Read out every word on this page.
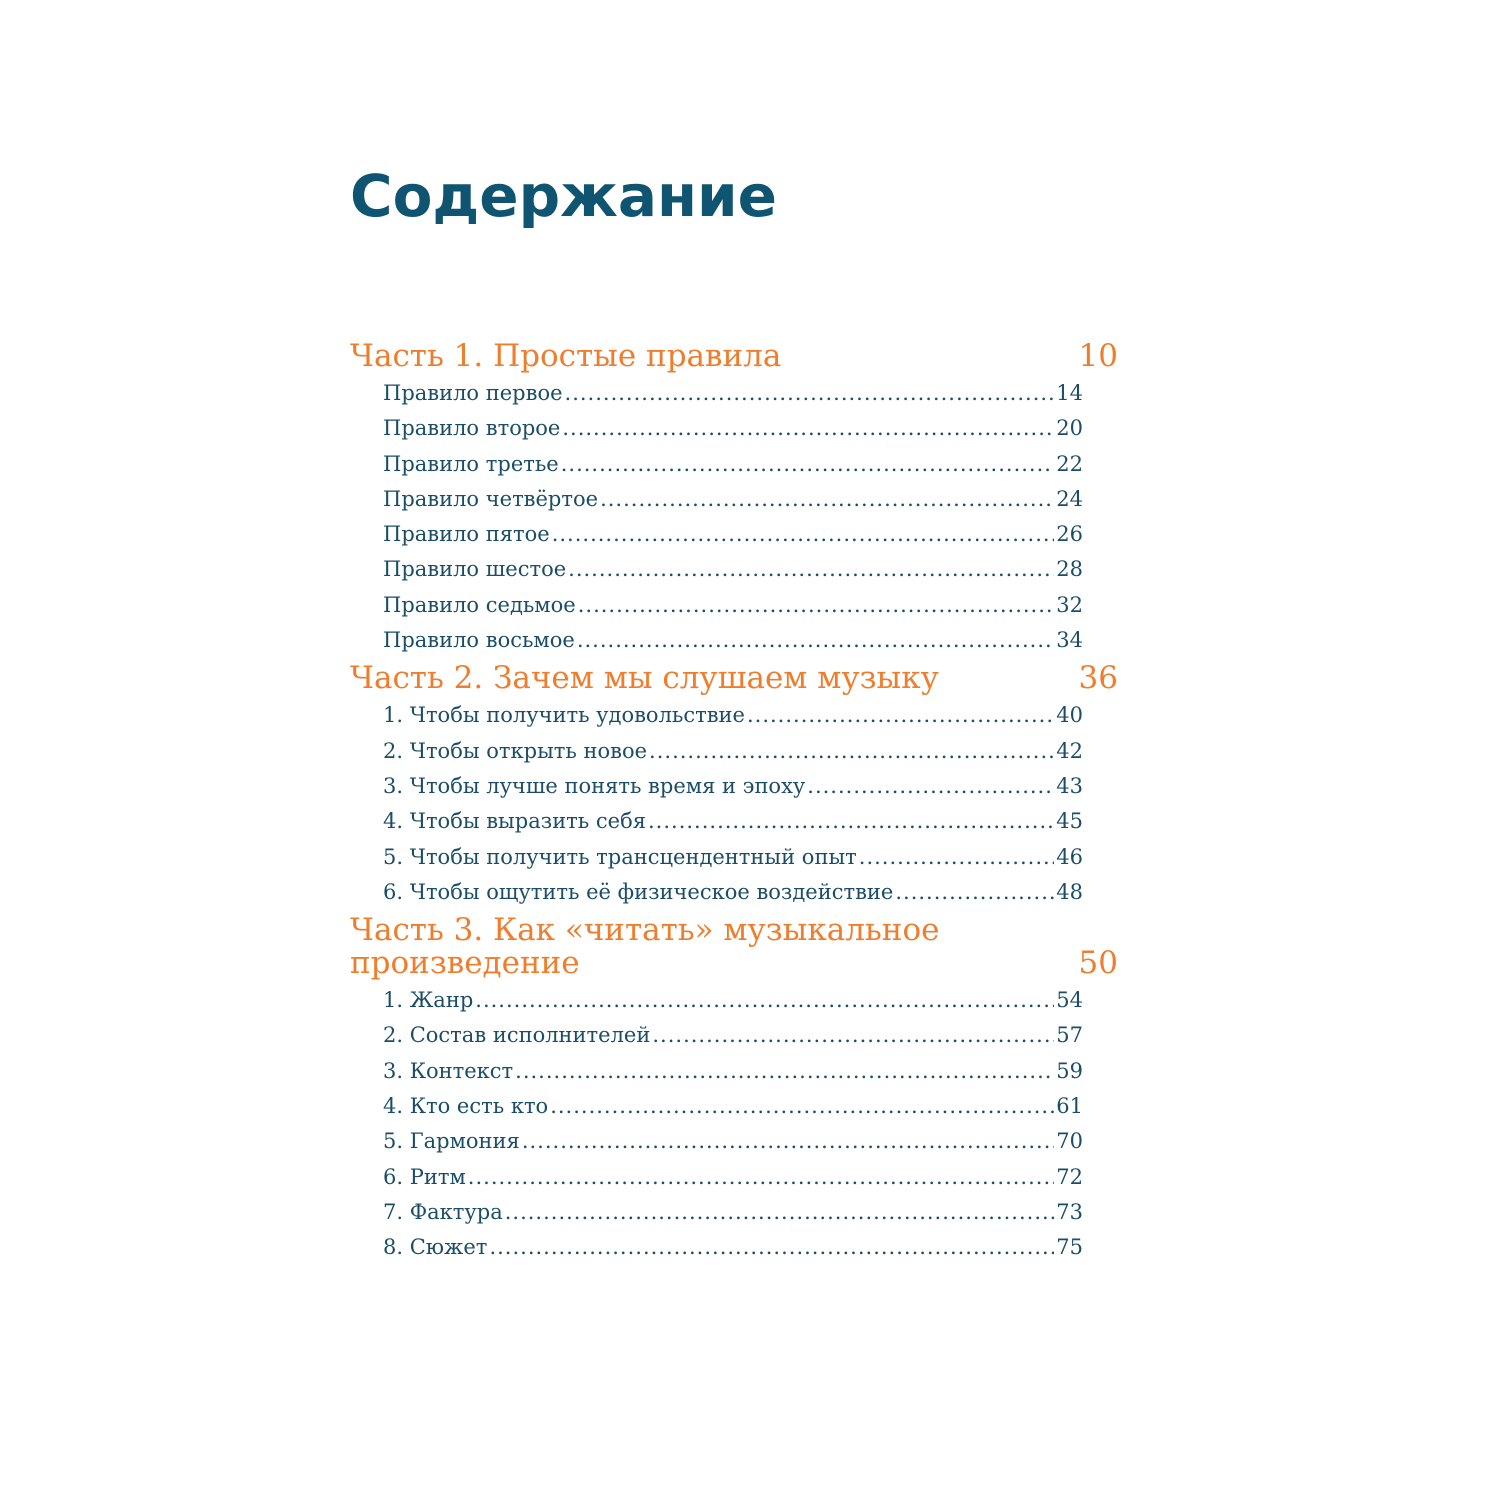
Содержание
Часть 1. Простые правила	10
Правило первое .....	14
Правило второе .....	20
Правило третье .....	22
Правило четвёртое .....	24
Правило пятое .....	26
Правило шестое .....	28
Правило седьмое .....	32
Правило восьмое .....	34
Часть 2. Зачем мы слушаем музыку	36
1. Чтобы получить удовольствие .....	40
2. Чтобы открыть новое .....	42
3. Чтобы лучше понять время и эпоху .....	43
4. Чтобы выразить себя .....	45
5. Чтобы получить трансцендентный опыт .....	46
6. Чтобы ощутить её физическое воздействие .....	48
Часть 3. Как «читать» музыкальное произведение	50
1. Жанр .....	54
2. Состав исполнителей .....	57
3. Контекст .....	59
4. Кто есть кто .....	61
5. Гармония .....	70
6. Ритм .....	72
7. Фактура .....	73
8. Сюжет .....	75
